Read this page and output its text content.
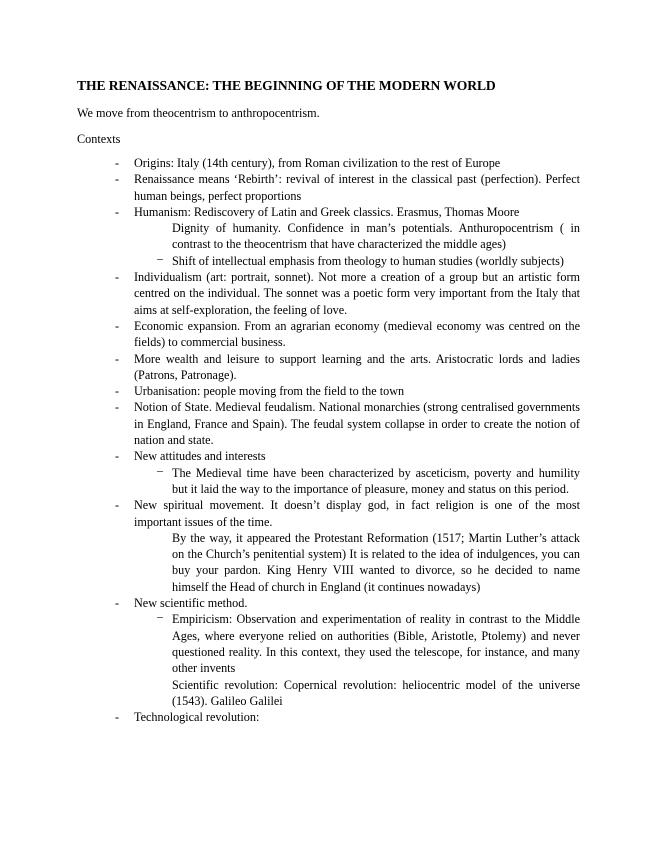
THE RENAISSANCE: THE BEGINNING OF THE MODERN WORLD
We move from theocentrism to anthropocentrism.
Contexts
- Origins: Italy (14th century), from Roman civilization to the rest of Europe
- Renaissance means ‘Rebirth’: revival of interest in the classical past (perfection). Perfect human beings, perfect proportions
- Humanism: Rediscovery of Latin and Greek classics. Erasmus, Thomas Moore
Dignity of humanity. Confidence in man’s potentials. Anthuropocentrism ( in contrast to the theocentrism that have characterized the middle ages)
‒ Shift of intellectual emphasis from theology to human studies (worldly subjects)
- Individualism (art: portrait, sonnet). Not more a creation of a group but an artistic form centred on the individual. The sonnet was a poetic form very important from the Italy that aims at self-exploration, the feeling of love.
- Economic expansion. From an agrarian economy (medieval economy was centred on the fields) to commercial business.
- More wealth and leisure to support learning and the arts. Aristocratic lords and ladies (Patrons, Patronage).
- Urbanisation: people moving from the field to the town
- Notion of State. Medieval feudalism. National monarchies (strong centralised governments in England, France and Spain). The feudal system collapse in order to create the notion of nation and state.
- New attitudes and interests
‒ The Medieval time have been characterized by asceticism, poverty and humility but it laid the way to the importance of pleasure, money and status on this period.
- New spiritual movement. It doesn’t display god, in fact religion is one of the most important issues of the time.
By the way, it appeared the Protestant Reformation (1517; Martin Luther’s attack on the Church’s penitential system) It is related to the idea of indulgences, you can buy your pardon. King Henry VIII wanted to divorce, so he decided to name himself the Head of church in England (it continues nowadays)
- New scientific method.
‒ Empiricism: Observation and experimentation of reality in contrast to the Middle Ages, where everyone relied on authorities (Bible, Aristotle, Ptolemy) and never questioned reality. In this context, they used the telescope, for instance, and many other invents
Scientific revolution: Copernical revolution: heliocentric model of the universe (1543). Galileo Galilei
- Technological revolution:
